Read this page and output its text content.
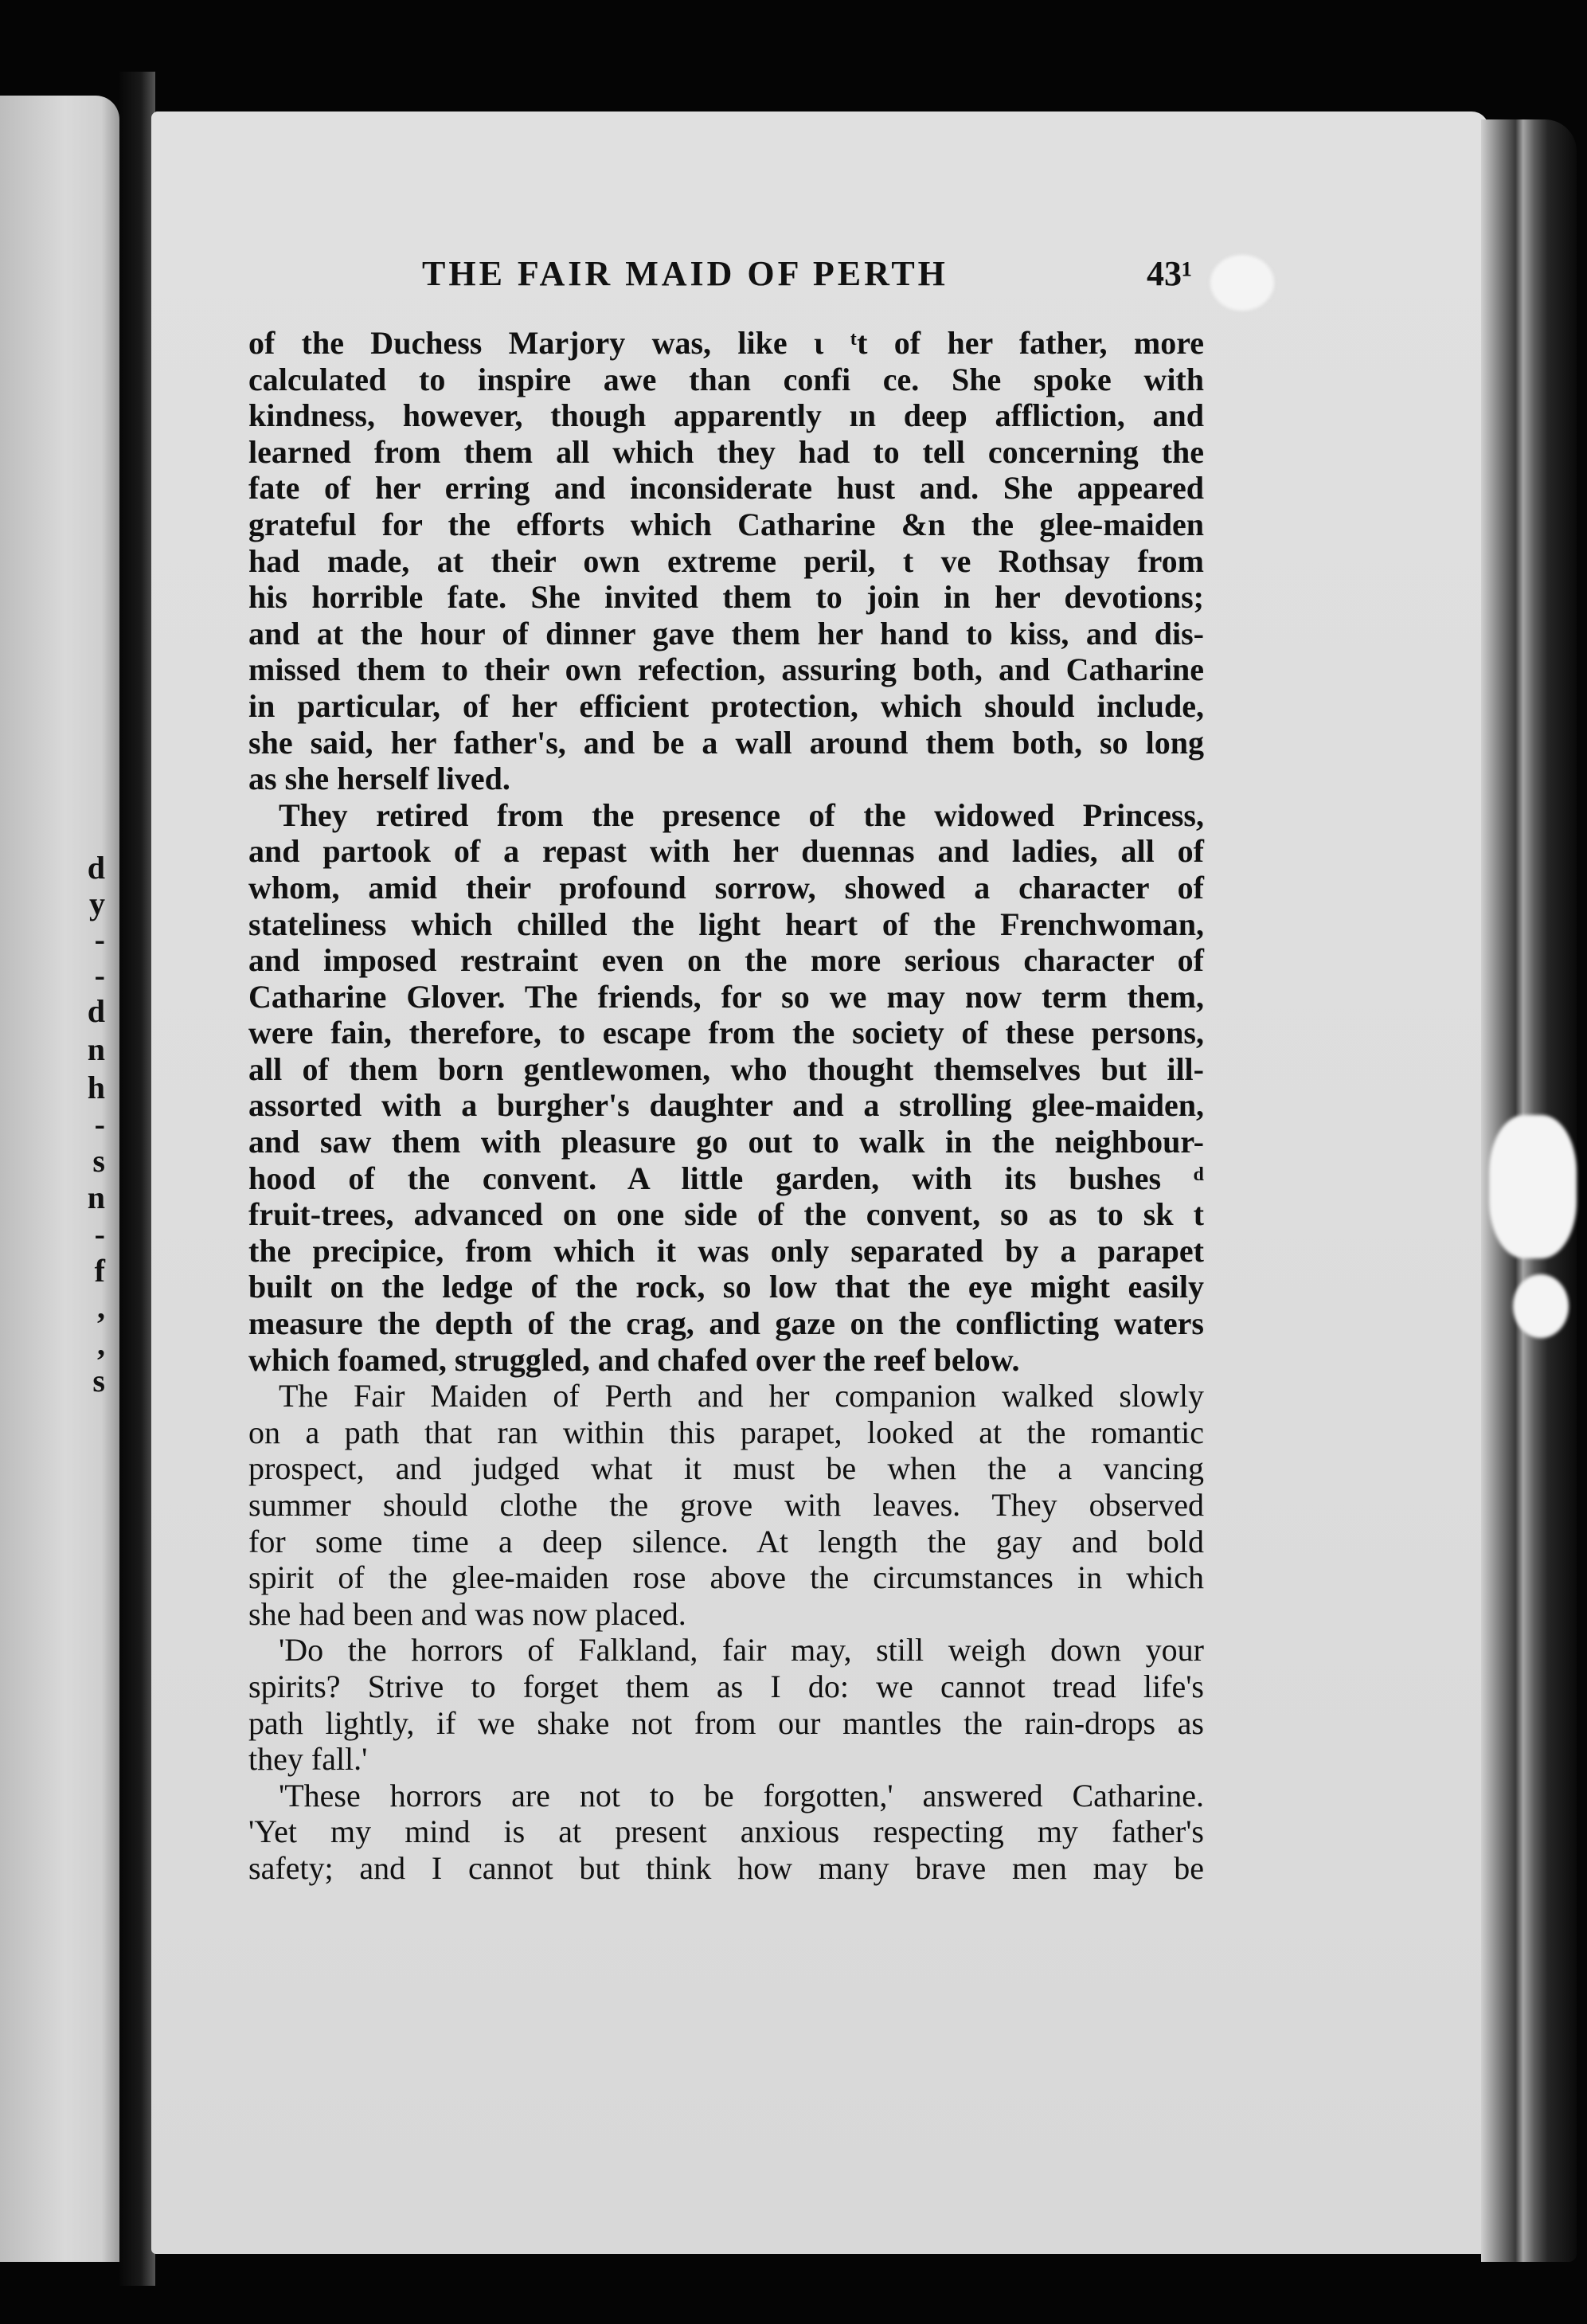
d
y
-
-
d
n
h
-
s
n
-
f
,
,
s
THE FAIR MAID OF PERTH	43¹

of the Duchess Marjory was, like ι ᵗt of her father, more

calculated to inspire awe than confi ce. She spoke with

kindness, however, though apparently ın deep affliction, and

learned from them all which they had to tell concerning the

fate of her erring and inconsiderate hust and. She appeared

grateful for the efforts which Catharine &n the glee-maiden

had made, at their own extreme peril, t ve Rothsay from

his horrible fate. She invited them to join in her devotions;

and at the hour of dinner gave them her hand to kiss, and dis-

missed them to their own refection, assuring both, and Catharine

in particular, of her efficient protection, which should include,

she said, her father's, and be a wall around them both, so long

as she herself lived.

They retired from the presence of the widowed Princess,

and partook of a repast with her duennas and ladies, all of

whom, amid their profound sorrow, showed a character of

stateliness which chilled the light heart of the Frenchwoman,

and imposed restraint even on the more serious character of

Catharine Glover. The friends, for so we may now term them,

were fain, therefore, to escape from the society of these persons,

all of them born gentlewomen, who thought themselves but ill-

assorted with a burgher's daughter and a strolling glee-maiden,

and saw them with pleasure go out to walk in the neighbour-

hood of the convent. A little garden, with its bushes ᵈ

fruit-trees, advanced on one side of the convent, so as to sk t

the precipice, from which it was only separated by a parapet

built on the ledge of the rock, so low that the eye might easily

measure the depth of the crag, and gaze on the conflicting waters

which foamed, struggled, and chafed over the reef below.

The Fair Maiden of Perth and her companion walked slowly

on a path that ran within this parapet, looked at the romantic

prospect, and judged what it must be when the a vancing

summer should clothe the grove with leaves. They observed

for some time a deep silence. At length the gay and bold

spirit of the glee-maiden rose above the circumstances in which

she had been and was now placed.

'Do the horrors of Falkland, fair may, still weigh down your

spirits? Strive to forget them as I do: we cannot tread life's

path lightly, if we shake not from our mantles the rain-drops as

they fall.'

'These horrors are not to be forgotten,' answered Catharine.

'Yet my mind is at present anxious respecting my father's

safety; and I cannot but think how many brave men may be
